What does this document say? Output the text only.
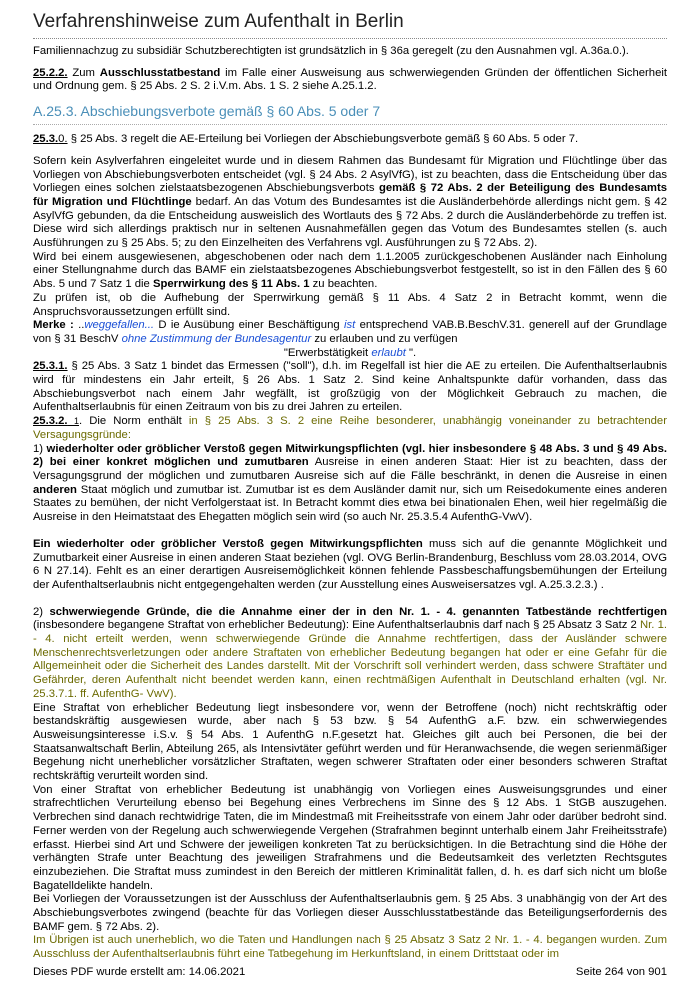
Verfahrenshinweise zum Aufenthalt in Berlin

Familiennachzug zu subsidiär Schutzberechtigten ist grundsätzlich in § 36a geregelt (zu den Ausnahmen vgl. A.36a.0.).

25.2.2. Zum Ausschlusstatbestand im Falle einer Ausweisung aus schwerwiegenden Gründen der öffentlichen Sicherheit und Ordnung gem. § 25 Abs. 2 S. 2 i.V.m. Abs. 1 S. 2 siehe A.25.1.2.

A.25.3. Abschiebungsverbote gemäß § 60 Abs. 5 oder 7

25.3.0. § 25 Abs. 3 regelt die AE-Erteilung bei Vorliegen der Abschiebungsverbote gemäß § 60 Abs. 5 oder 7.

Sofern kein Asylverfahren eingeleitet wurde und in diesem Rahmen das Bundesamt für Migration und Flüchtlinge über das Vorliegen von Abschiebungsverboten entscheidet (vgl. § 24 Abs. 2 AsylVfG), ist zu beachten, dass die Entscheidung über das Vorliegen eines solchen zielstaatsbezogenen Abschiebungsverbots gemäß § 72 Abs. 2 der Beteiligung des Bundesamts für Migration und Flüchtlinge bedarf. An das Votum des Bundesamtes ist die Ausländerbehörde allerdings nicht gem. § 42 AsylVfG gebunden, da die Entscheidung ausweislich des Wortlauts des § 72 Abs. 2 durch die Ausländerbehörde zu treffen ist. Diese wird sich allerdings praktisch nur in seltenen Ausnahmefällen gegen das Votum des Bundesamtes stellen (s. auch Ausführungen zu § 25 Abs. 5; zu den Einzelheiten des Verfahrens vgl. Ausführungen zu § 72 Abs. 2).

Wird bei einem ausgewiesenen, abgeschobenen oder nach dem 1.1.2005 zurückgeschobenen Ausländer nach Einholung einer Stellungnahme durch das BAMF ein zielstaatsbezogenes Abschiebungsverbot festgestellt, so ist in den Fällen des § 60 Abs. 5 und 7 Satz 1 die Sperrwirkung des § 11 Abs. 1 zu beachten.

Zu prüfen ist, ob die Aufhebung der Sperrwirkung gemäß § 11 Abs. 4 Satz 2 in Betracht kommt, wenn die Anspruchsvoraussetzungen erfüllt sind.

Merke : ..weggefallen... D ie Ausübung einer Beschäftigung ist entsprechend VAB.B.BeschV.31. generell auf der Grundlage von § 31 BeschV ohne Zustimmung der Bundesagentur zu erlauben und zu verfügen
"Erwerbstätigkeit erlaubt ".

25.3.1. § 25 Abs. 3 Satz 1 bindet das Ermessen ("soll"), d.h. im Regelfall ist hier die AE zu erteilen. Die Aufenthaltserlaubnis wird für mindestens ein Jahr erteilt, § 26 Abs. 1 Satz 2. Sind keine Anhaltspunkte dafür vorhanden, dass das Abschiebungsverbot nach einem Jahr wegfällt, ist großzügig von der Möglichkeit Gebrauch zu machen, die Aufenthaltserlaubnis für einen Zeitraum von bis zu drei Jahren zu erteilen.

25.3.2. 1. Die Norm enthält in § 25 Abs. 3 S. 2 eine Reihe besonderer, unabhängig voneinander zu betrachtender Versagungsgründe:

1) wiederholter oder gröblicher Verstoß gegen Mitwirkungspflichten (vgl. hier insbesondere § 48 Abs. 3 und § 49 Abs. 2) bei einer konkret möglichen und zumutbaren Ausreise in einen anderen Staat: Hier ist zu beachten, dass der Versagungsgrund der möglichen und zumutbaren Ausreise sich auf die Fälle beschränkt, in denen die Ausreise in einen anderen Staat möglich und zumutbar ist. Zumutbar ist es dem Ausländer damit nur, sich um Reisedokumente eines anderen Staates zu bemühen, der nicht Verfolgerstaat ist. In Betracht kommt dies etwa bei binationalen Ehen, weil hier regelmäßig die Ausreise in den Heimatstaat des Ehegatten möglich sein wird (so auch Nr. 25.3.5.4 AufenthG-VwV).

Ein wiederholter oder gröblicher Verstoß gegen Mitwirkungspflichten muss sich auf die genannte Möglichkeit und Zumutbarkeit einer Ausreise in einen anderen Staat beziehen (vgl. OVG Berlin-Brandenburg, Beschluss vom 28.03.2014, OVG 6 N 27.14). Fehlt es an einer derartigen Ausreisemöglichkeit können fehlende Passbeschaffungsbemühungen der Erteilung der Aufenthaltserlaubnis nicht entgegengehalten werden (zur Ausstellung eines Ausweisersatzes vgl. A.25.3.2.3.) .

2) schwerwiegende Gründe, die die Annahme einer der in den Nr. 1. - 4. genannten Tatbestände rechtfertigen (insbesondere begangene Straftat von erheblicher Bedeutung): Eine Aufenthaltserlaubnis darf nach § 25 Absatz 3 Satz 2 Nr. 1. - 4. nicht erteilt werden, wenn schwerwiegende Gründe die Annahme rechtfertigen, dass der Ausländer schwere Menschenrechtsverletzungen oder andere Straftaten von erheblicher Bedeutung begangen hat oder er eine Gefahr für die Allgemeinheit oder die Sicherheit des Landes darstellt. Mit der Vorschrift soll verhindert werden, dass schwere Straftäter und Gefährder, deren Aufenthalt nicht beendet werden kann, einen rechtmäßigen Aufenthalt in Deutschland erhalten (vgl. Nr. 25.3.7.1. ff. AufenthG- VwV).

Eine Straftat von erheblicher Bedeutung liegt insbesondere vor, wenn der Betroffene (noch) nicht rechtskräftig oder bestandskräftig ausgewiesen wurde, aber nach § 53 bzw. § 54 AufenthG a.F. bzw. ein schwerwiegendes Ausweisungsinteresse i.S.v. § 54 Abs. 1 AufenthG n.F.gesetzt hat. Gleiches gilt auch bei Personen, die bei der Staatsanwaltschaft Berlin, Abteilung 265, als Intensivtäter geführt werden und für Heranwachsende, die wegen serienmäßiger Begehung nicht unerheblicher vorsätzlicher Straftaten, wegen schwerer Straftaten oder einer besonders schweren Straftat rechtskräftig verurteilt worden sind.

Von einer Straftat von erheblicher Bedeutung ist unabhängig von Vorliegen eines Ausweisungsgrundes und einer strafrechtlichen Verurteilung ebenso bei Begehung eines Verbrechens im Sinne des § 12 Abs. 1 StGB auszugehen. Verbrechen sind danach rechtwidrige Taten, die im Mindestmaß mit Freiheitsstrafe von einem Jahr oder darüber bedroht sind. Ferner werden von der Regelung auch schwerwiegende Vergehen (Strafrahmen beginnt unterhalb einem Jahr Freiheitsstrafe) erfasst. Hierbei sind Art und Schwere der jeweiligen konkreten Tat zu berücksichtigen. In die Betrachtung sind die Höhe der verhängten Strafe unter Beachtung des jeweiligen Strafrahmens und die Bedeutsamkeit des verletzten Rechtsgutes einzubeziehen. Die Straftat muss zumindest in den Bereich der mittleren Kriminalität fallen, d. h. es darf sich nicht um bloße Bagatelldelikte handeln.

Bei Vorliegen der Voraussetzungen ist der Ausschluss der Aufenthaltserlaubnis gem. § 25 Abs. 3 unabhängig von der Art des Abschiebungsverbotes zwingend (beachte für das Vorliegen dieser Ausschlusstatbestände das Beteiligungserfordernis des BAMF gem. § 72 Abs. 2).

Im Übrigen ist auch unerheblich, wo die Taten und Handlungen nach § 25 Absatz 3 Satz 2 Nr. 1. - 4. begangen wurden. Zum Ausschluss der Aufenthaltserlaubnis führt eine Tatbegehung im Herkunftsland, in einem Drittstaat oder im

Dieses PDF wurde erstellt am: 14.06.2021	Seite 264 von 901
